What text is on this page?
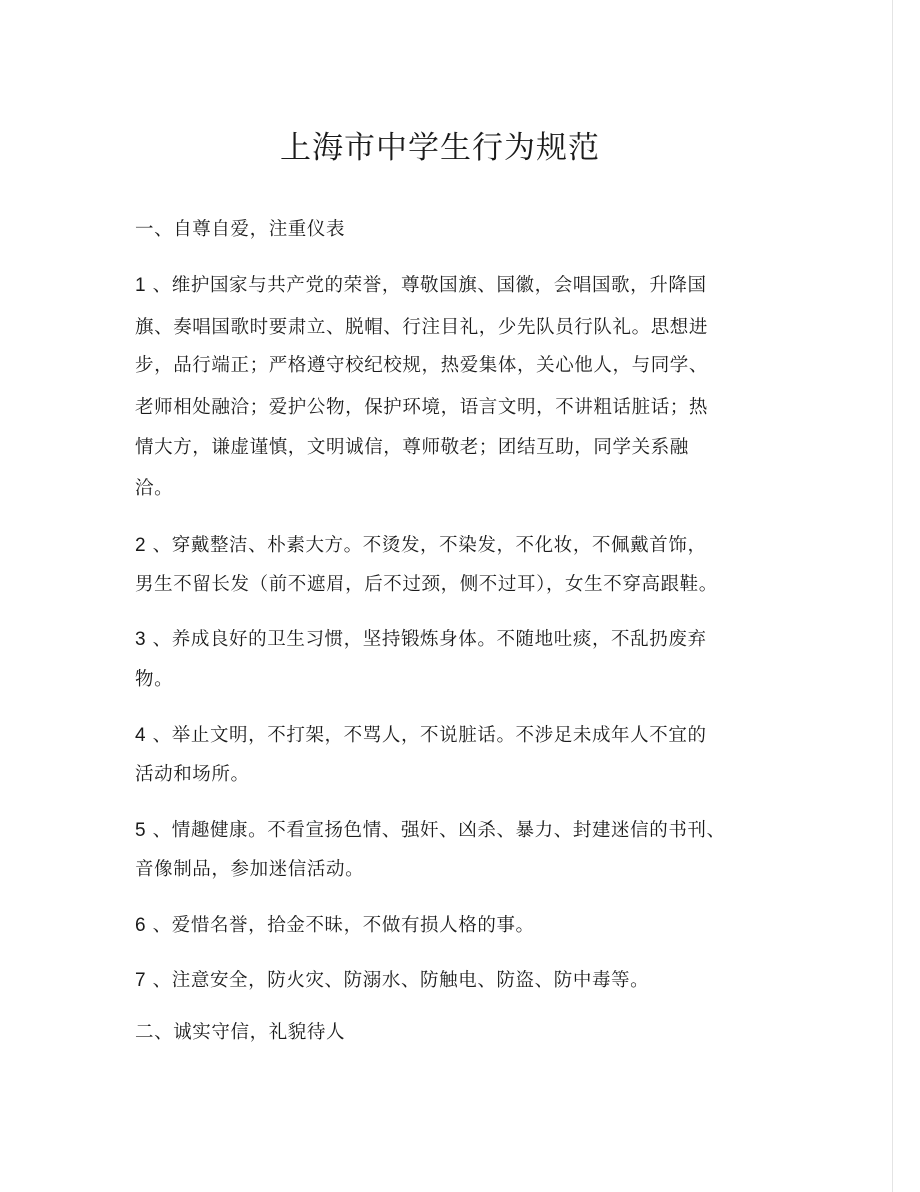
上海市中学生行为规范
一、自尊自爱，注重仪表
1 、维护国家与共产党的荣誉，尊敬国旗、国徽，会唱国歌，升降国
旗、奏唱国歌时要肃立、脱帽、行注目礼，少先队员行队礼。思想进
步，品行端正；严格遵守校纪校规，热爱集体，关心他人，与同学、
老师相处融洽；爱护公物，保护环境，语言文明，不讲粗话脏话；热
情大方，谦虚谨慎，文明诚信，尊师敬老；团结互助，同学关系融
洽。
2 、穿戴整洁、朴素大方。不烫发，不染发，不化妆，不佩戴首饰，
男生不留长发（前不遮眉，后不过颈，侧不过耳），女生不穿高跟鞋。
3 、养成良好的卫生习惯，坚持锻炼身体。不随地吐痰，不乱扔废弃
物。
4 、举止文明，不打架，不骂人，不说脏话。不涉足未成年人不宜的
活动和场所。
5 、情趣健康。不看宣扬色情、强奸、凶杀、暴力、封建迷信的书刊、
音像制品，参加迷信活动。
6 、爱惜名誉，拾金不昧，不做有损人格的事。
7 、注意安全，防火灾、防溺水、防触电、防盗、防中毒等。
二、诚实守信，礼貌待人
